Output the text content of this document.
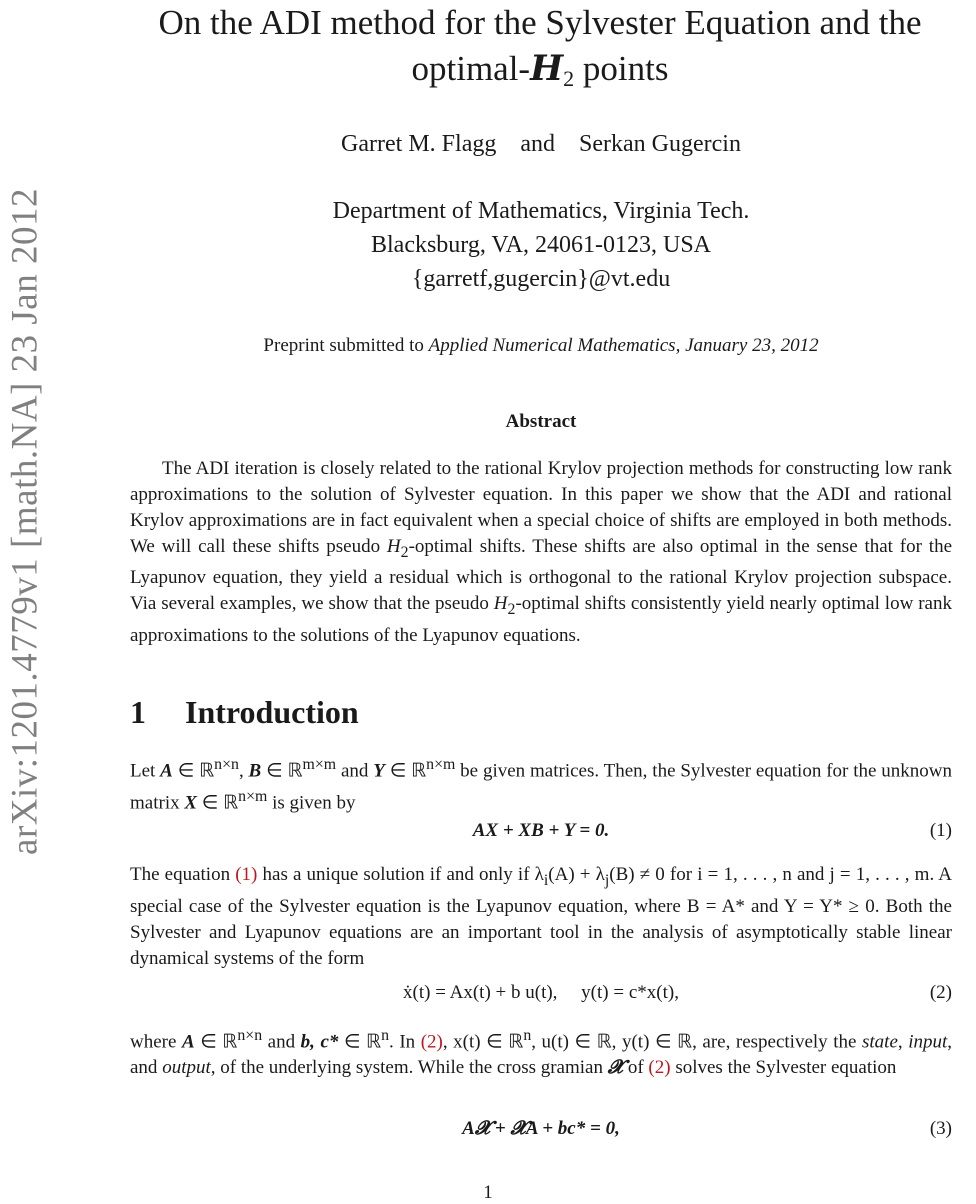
arXiv:1201.4779v1 [math.NA] 23 Jan 2012
On the ADI method for the Sylvester Equation and the
optimal-$H_2$ points
Garret M. Flagg    and    Serkan Gugercin
Department of Mathematics, Virginia Tech.
Blacksburg, VA, 24061-0123, USA
{garretf,gugercin}@vt.edu
Preprint submitted to Applied Numerical Mathematics, January 23, 2012
Abstract

The ADI iteration is closely related to the rational Krylov projection methods for constructing low rank approximations to the solution of Sylvester equation. In this paper we show that the ADI and rational Krylov approximations are in fact equivalent when a special choice of shifts are employed in both methods. We will call these shifts pseudo $H_2$-optimal shifts. These shifts are also optimal in the sense that for the Lyapunov equation, they yield a residual which is orthogonal to the rational Krylov projection subspace. Via several examples, we show that the pseudo $H_2$-optimal shifts consistently yield nearly optimal low rank approximations to the solutions of the Lyapunov equations.

1 Introduction

Let A ∈ ℝ$^{n\times n}$, B ∈ ℝ$^{m\times m}$ and Y ∈ ℝ$^{n\times m}$ be given matrices. Then, the Sylvester equation for the unknown matrix X ∈ ℝ$^{n\times m}$ is given by

AX + XB + Y = 0.	(1)

The equation (1) has a unique solution if and only if $\lambda_i(A) + \lambda_j(B) \ne 0$ for i = 1, . . . , n and j = 1, . . . , m. A special case of the Sylvester equation is the Lyapunov equation, where B = A* and Y = Y* ≥ 0. Both the Sylvester and Lyapunov equations are an important tool in the analysis of asymptotically stable linear dynamical systems of the form

ẋ(t) = Ax(t) + b u(t),     y(t) = c*x(t),	(2)

where A ∈ ℝ$^{n\times n}$ and b, c* ∈ ℝ$^n$. In (2), x(t) ∈ ℝ$^n$, u(t) ∈ ℝ, y(t) ∈ ℝ, are, respectively the state, input, and output, of the underlying system. While the cross gramian 𝓧 of (2) solves the Sylvester equation

A𝓧 + 𝓧A + bc* = 0,	(3)
1
